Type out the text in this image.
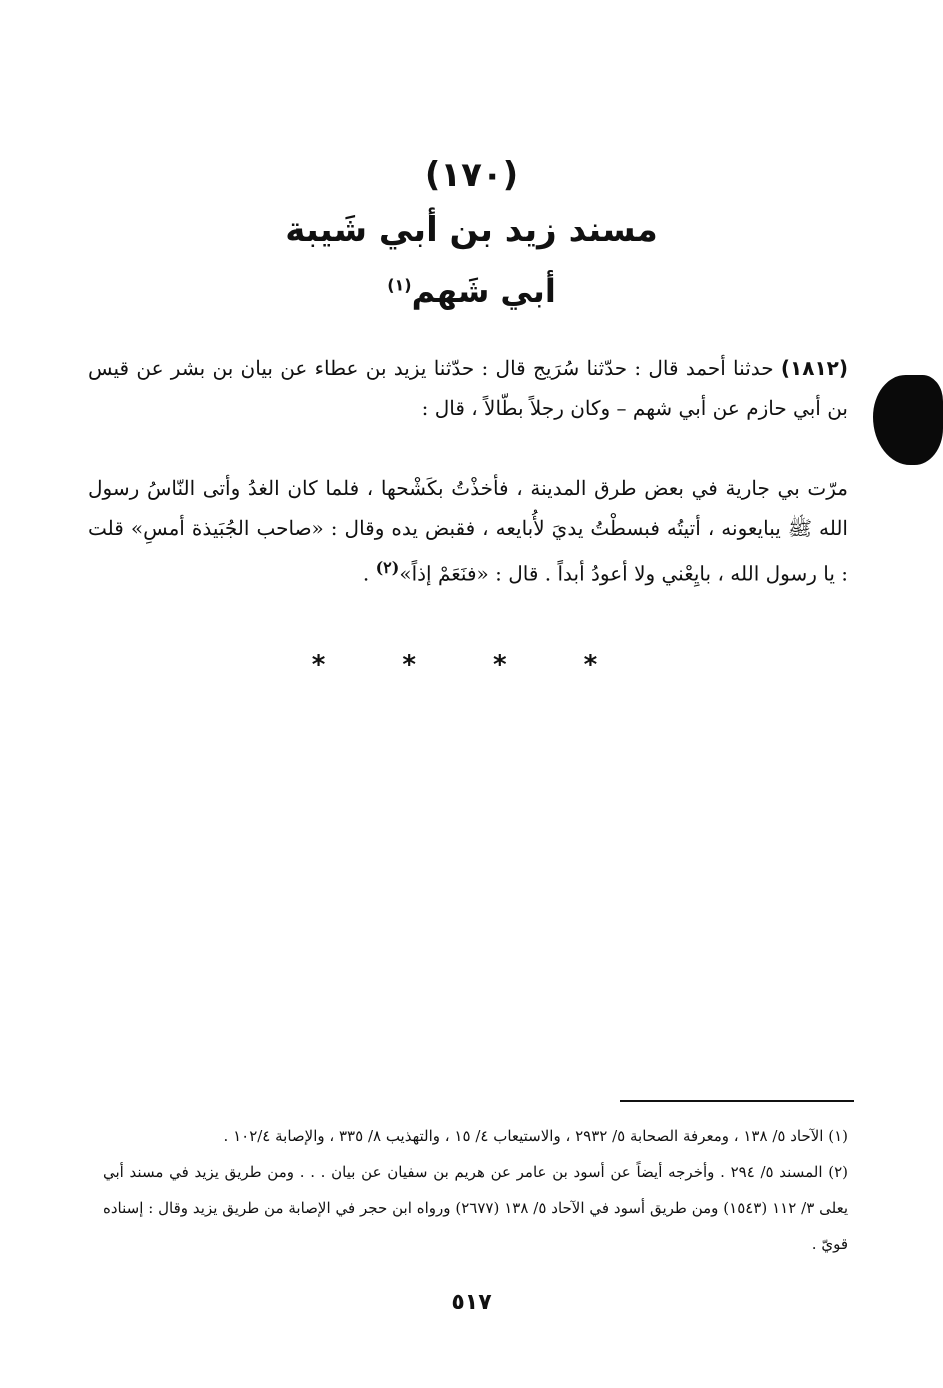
(١٧٠)
مسند زيد بن أبي شَيبة
أبي شَهم$^{(١)}$
(١٨١٢) حدثنا أحمد قال : حدّثنا سُرَيج قال : حدّثنا يزيد بن عطاء عن بيان بن بشر عن قيس بن أبي حازم عن أبي شهم – وكان رجلاً بطّالاً ، قال :
مرّت بي جارية في بعض طرق المدينة ، فأخذْتُ بكَشْحها ، فلما كان الغدُ وأتى النّاسُ رسول الله ﷺ يبايعونه ، أتيتُه فبسطْتُ يديَ لأُبايعه ، فقبض يده وقال : «صاحب الجُبَيذة أمسِ» قلت : يا رسول الله ، بايِعْني ولا أعودُ أبداً . قال : «فنَعَمْ إذاً»$^{(٢)}$ .
* * * *
(١) الآحاد ٥/ ١٣٨ ، ومعرفة الصحابة ٥/ ٢٩٣٢ ، والاستيعاب ٤/ ١٥ ، والتهذيب ٨/ ٣٣٥ ، والإصابة ١٠٢/٤ .
(٢) المسند ٥/ ٢٩٤ . وأخرجه أيضاً عن أسود بن عامر عن هريم بن سفيان عن بيان . . . ومن طريق يزيد في مسند أبي يعلى ٣/ ١١٢ (١٥٤٣) ومن طريق أسود في الآحاد ٥/ ١٣٨ (٢٦٧٧) ورواه ابن حجر في الإصابة من طريق يزيد وقال : إسناده قويّ .
٥١٧
